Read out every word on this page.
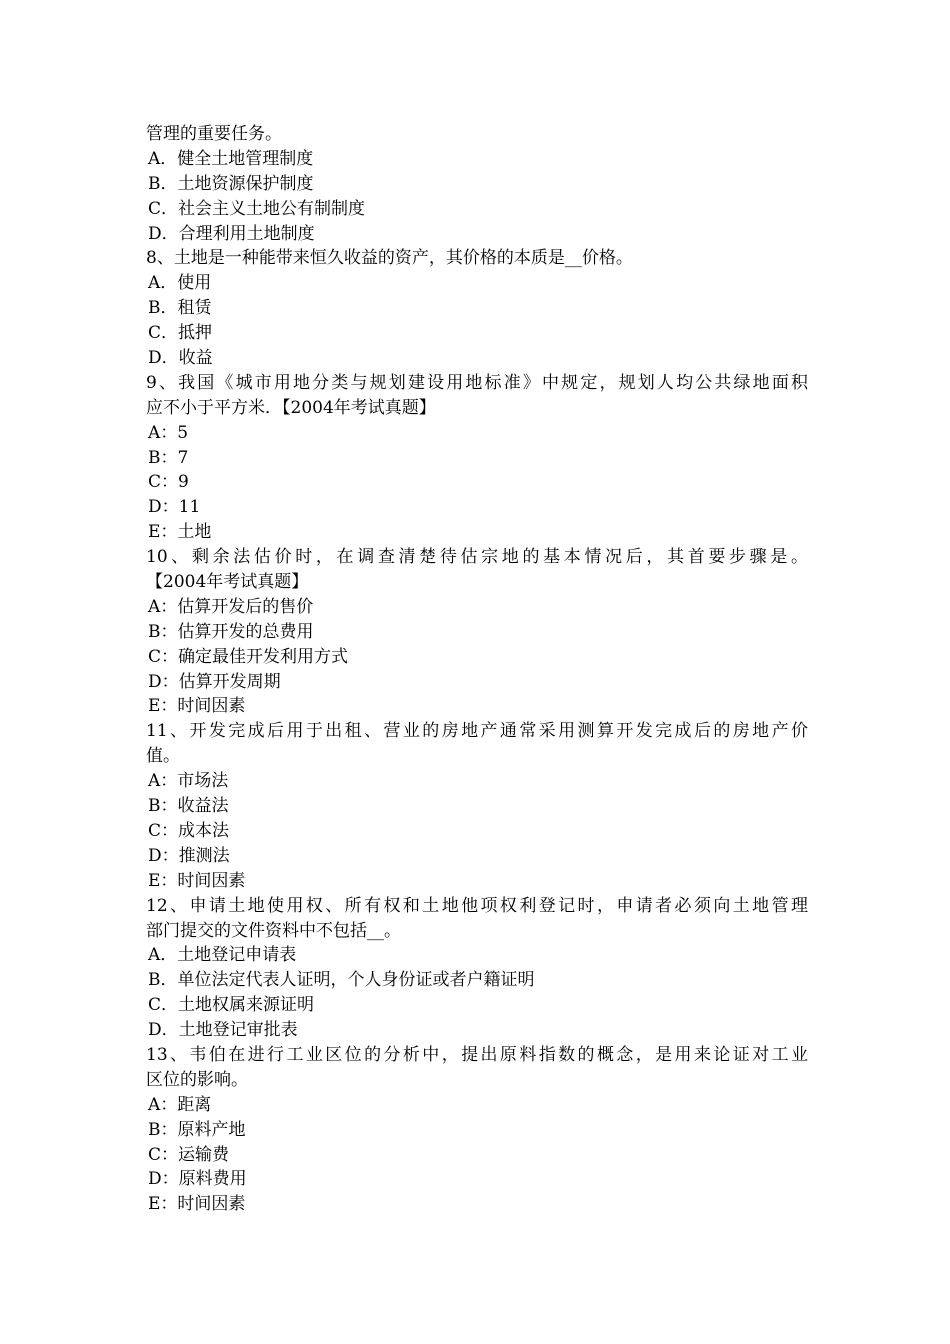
管理的重要任务。
A．健全土地管理制度
B．土地资源保护制度
C．社会主义土地公有制制度
D．合理利用土地制度
8、土地是一种能带来恒久收益的资产，其价格的本质是__价格。
A．使用
B．租赁
C．抵押
D．收益
9、我国《城市用地分类与规划建设用地标准》中规定，规划人均公共绿地面积
应不小于平方米．【2004年考试真题】
A：5
B：7
C：9
D：11
E：土地
10、剩余法估价时，在调查清楚待估宗地的基本情况后，其首要步骤是。
【2004年考试真题】
A：估算开发后的售价
B：估算开发的总费用
C：确定最佳开发利用方式
D：估算开发周期
E：时间因素
11、开发完成后用于出租、营业的房地产通常采用测算开发完成后的房地产价
值。
A：市场法
B：收益法
C：成本法
D：推测法
E：时间因素
12、申请土地使用权、所有权和土地他项权利登记时，申请者必须向土地管理
部门提交的文件资料中不包括__。
A．土地登记申请表
B．单位法定代表人证明，个人身份证或者户籍证明
C．土地权属来源证明
D．土地登记审批表
13、韦伯在进行工业区位的分析中，提出原料指数的概念，是用来论证对工业
区位的影响。
A：距离
B：原料产地
C：运输费
D：原料费用
E：时间因素
